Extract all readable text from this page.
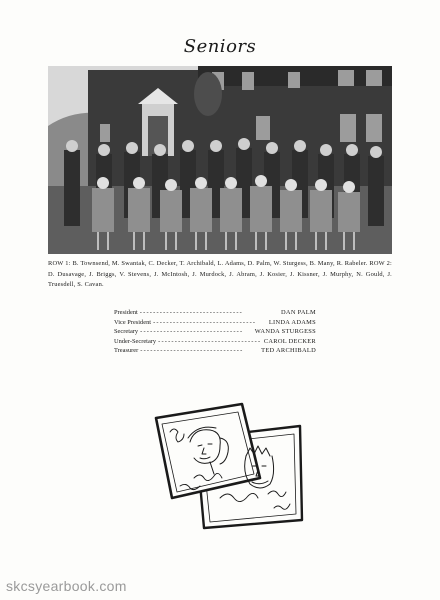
Seniors
ROW 1: B. Townsend, M. Swantak, C. Decker, T. Archibald, L. Adams, D. Palm, W. Sturgess, B. Many, R. Rabeler. ROW 2: D. Dusavage, J. Briggs, V. Stevens, J. McIntosh, J. Murdock, J. Abram, J. Kosier, J. Kissner, J. Murphy, N. Gould, J. Truesdell, S. Cavan.
President -------------------------------	DAN PALM
Vice President -------------------------------	LINDA ADAMS
Secretary -------------------------------	WANDA STURGESS
Under-Secretary ------------------------------- CAROL DECKER
Treasurer -------------------------------	TED ARCHIBALD
skcsyearbook.com
